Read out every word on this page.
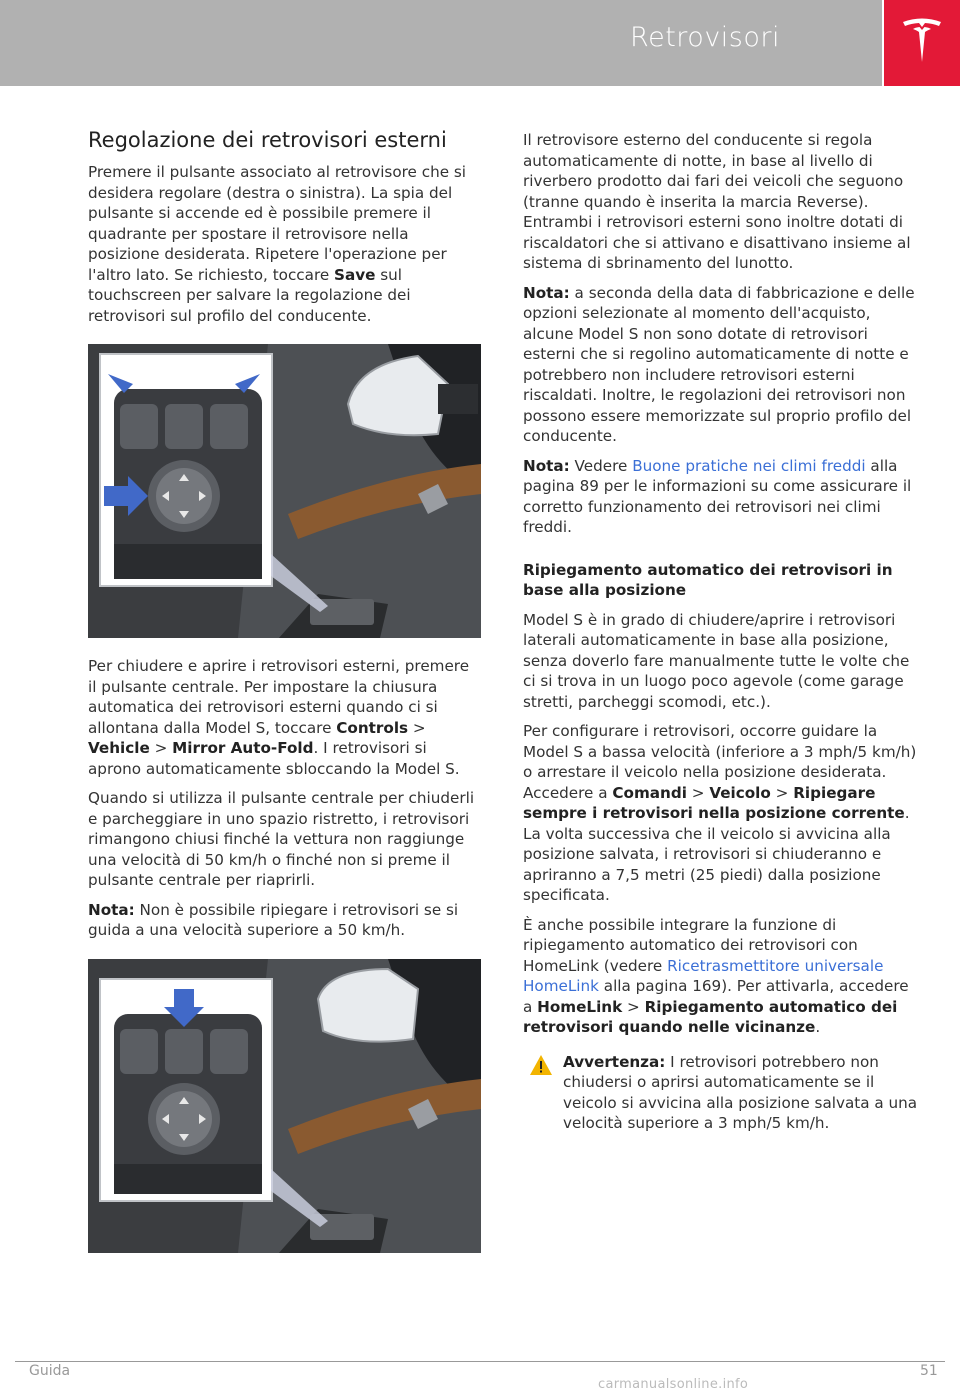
Retrovisori
Regolazione dei retrovisori esterni

Premere il pulsante associato al retrovisore che si desidera regolare (destra o sinistra). La spia del pulsante si accende ed è possibile premere il quadrante per spostare il retrovisore nella posizione desiderata. Ripetere l'operazione per l'altro lato. Se richiesto, toccare Save sul touchscreen per salvare la regolazione dei retrovisori sul profilo del conducente.

Per chiudere e aprire i retrovisori esterni, premere il pulsante centrale. Per impostare la chiusura automatica dei retrovisori esterni quando ci si allontana dalla Model S, toccare Controls > Vehicle > Mirror Auto-Fold. I retrovisori si aprono automaticamente sbloccando la Model S.

Quando si utilizza il pulsante centrale per chiuderli e parcheggiare in uno spazio ristretto, i retrovisori rimangono chiusi finché la vettura non raggiunge una velocità di 50 km/h o finché non si preme il pulsante centrale per riaprirli.

Nota: Non è possibile ripiegare i retrovisori se si guida a una velocità superiore a 50 km/h.

Il retrovisore esterno del conducente si regola automaticamente di notte, in base al livello di riverbero prodotto dai fari dei veicoli che seguono (tranne quando è inserita la marcia Reverse). Entrambi i retrovisori esterni sono inoltre dotati di riscaldatori che si attivano e disattivano insieme al sistema di sbrinamento del lunotto.

Nota: a seconda della data di fabbricazione e delle opzioni selezionate al momento dell'acquisto, alcune Model S non sono dotate di retrovisori esterni che si regolino automaticamente di notte e potrebbero non includere retrovisori esterni riscaldati. Inoltre, le regolazioni dei retrovisori non possono essere memorizzate sul proprio profilo del conducente.

Nota: Vedere Buone pratiche nei climi freddi alla pagina 89 per le informazioni su come assicurare il corretto funzionamento dei retrovisori nei climi freddi.

Ripiegamento automatico dei retrovisori in base alla posizione

Model S è in grado di chiudere/aprire i retrovisori laterali automaticamente in base alla posizione, senza doverlo fare manualmente tutte le volte che ci si trova in un luogo poco agevole (come garage stretti, parcheggi scomodi, etc.).

Per configurare i retrovisori, occorre guidare la Model S a bassa velocità (inferiore a 3 mph/5 km/h) o arrestare il veicolo nella posizione desiderata. Accedere a Comandi > Veicolo > Ripiegare sempre i retrovisori nella posizione corrente. La volta successiva che il veicolo si avvicina alla posizione salvata, i retrovisori si chiuderanno e apriranno a 7,5 metri (25 piedi) dalla posizione specificata.

È anche possibile integrare la funzione di ripiegamento automatico dei retrovisori con HomeLink (vedere Ricetrasmettitore universale HomeLink alla pagina 169). Per attivarla, accedere a HomeLink > Ripiegamento automatico dei retrovisori quando nelle vicinanze.

Avvertenza: I retrovisori potrebbero non chiudersi o aprirsi automaticamente se il veicolo si avvicina alla posizione salvata a una velocità superiore a 3 mph/5 km/h.

Guida	51
carmanualsonline.info
